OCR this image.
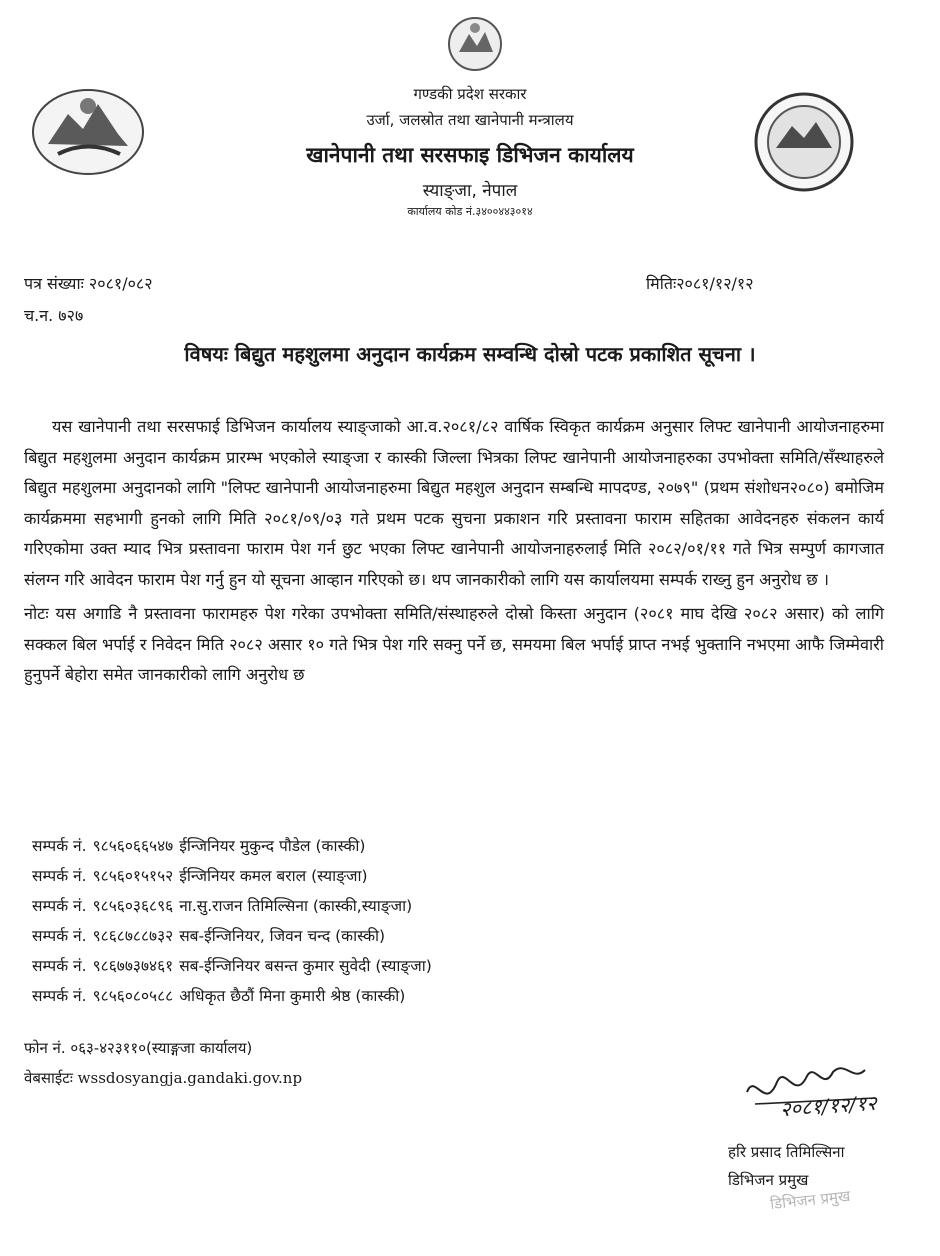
गण्डकी प्रदेश सरकार
उर्जा, जलस्रोत तथा खानेपानी मन्त्रालय
खानेपानी तथा सरसफाइ डिभिजन कार्यालय
स्याङ्जा, नेपाल
कार्यालय कोड नं.३४००४४३०१४
पत्र संख्याः २०८१/०८२
च.न. ७२७
मितिः२०८१/१२/१२
विषयः बिद्युत महशुलमा अनुदान कार्यक्रम सम्वन्धि दोस्रो पटक प्रकाशित सूचना ।

यस खानेपानी तथा सरसफाई डिभिजन कार्यालय स्याङ्जाको आ.व.२०८१/८२ वार्षिक स्विकृत कार्यक्रम अनुसार लिफ्ट खानेपानी आयोजनाहरुमा बिद्युत महशुलमा अनुदान कार्यक्रम प्रारम्भ भएकोले स्याङ्जा र कास्की जिल्ला भित्रका लिफ्ट खानेपानी आयोजनाहरुका उपभोक्ता समिति/सँस्थाहरुले बिद्युत महशुलमा अनुदानको लागि "लिफ्ट खानेपानी आयोजनाहरुमा बिद्युत महशुल अनुदान सम्बन्धि मापदण्ड, २०७९" (प्रथम संशोधन२०८०) बमोजिम कार्यक्रममा सहभागी हुनको लागि मिति २०८१/०९/०३ गते प्रथम पटक सुचना प्रकाशन गरि प्रस्तावना फाराम सहितका आवेदनहरु संकलन कार्य गरिएकोमा उक्त म्याद भित्र प्रस्तावना फाराम पेश गर्न छुट भएका लिफ्ट खानेपानी आयोजनाहरुलाई मिति २०८२/०१/११ गते भित्र सम्पुर्ण कागजात संलग्न गरि आवेदन फाराम पेश गर्नु हुन यो सूचना आव्हान गरिएको छ। थप जानकारीको लागि यस कार्यालयमा सम्पर्क राख्नु हुन अनुरोध छ ।

नोटः यस अगाडि नै प्रस्तावना फारामहरु पेश गरेका उपभोक्ता समिति/संस्थाहरुले दोस्रो किस्ता अनुदान (२०८१ माघ देखि २०८२ असार) को लागि सक्कल बिल भर्पाई र निवेदन मिति २०८२ असार १० गते भित्र पेश गरि सक्नु पर्ने छ, समयमा बिल भर्पाई प्राप्त नभई भुक्तानि नभएमा आफै जिम्मेवारी हुनुपर्ने बेहोरा समेत जानकारीको लागि अनुरोध छ

सम्पर्क नं. ९८५६०६६५४७ ईन्जिनियर मुकुन्द पौडेल (कास्की)
सम्पर्क नं. ९८५६०१५१५२ ईन्जिनियर कमल बराल (स्याङ्जा)
सम्पर्क नं. ९८५६०३६८९६ ना.सु.राजन तिमिल्सिना (कास्की,स्याङ्जा)
सम्पर्क नं. ९८६८७८८७३२ सब-ईन्जिनियर, जिवन चन्द (कास्की)
सम्पर्क नं. ९८६७७३७४६१ सब-ईन्जिनियर बसन्त कुमार सुवेदी (स्याङ्जा)
सम्पर्क नं. ९८५६०८०५८८ अधिकृत छैठौं मिना कुमारी श्रेष्ठ (कास्की)
फोन नं. ०६३-४२३११०(स्याङ्गजा कार्यालय)
वेबसाईटः wssdosyangja.gandaki.gov.np
२०८१/१२/१२
हरि प्रसाद तिमिल्सिना
डिभिजन प्रमुख
डिभिजन प्रमुख
